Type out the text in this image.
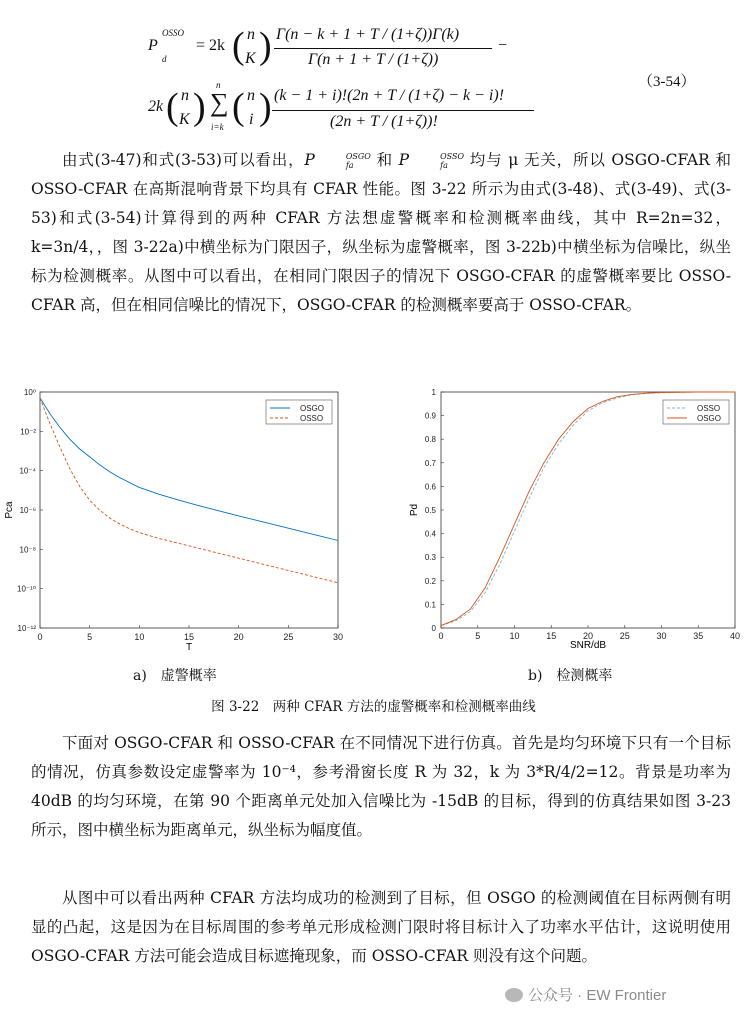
P
OSSO
d
= 2k ( n
K ) Γ(n − k + 1 + T / (1+ζ))Γ(k)
Γ(n + 1 + T / (1+ζ))
−
2k ( n
K )
n
∑
i=k ( n
i ) (k − 1 + i)!(2n + T / (1+ζ) − k − i)!
(2n + T / (1+ζ))!
（3-54）

由式(3-47)和式(3-53)可以看出，P	OSGO
fa	和 P	OSSO
fa	均与 μ 无关，所以 OSGO-CFAR 和 OSSO-CFAR 在高斯混响背景下均具有 CFAR 性能。图 3-22 所示为由式(3-48)、式(3-49)、式(3-53)和式(3-54)计算得到的两种 CFAR 方法想虚警概率和检测概率曲线，其中 R=2n=32，k=3n/4，，图 3-22a)中横坐标为门限因子，纵坐标为虚警概率，图 3-22b)中横坐标为信噪比，纵坐标为检测概率。从图中可以看出，在相同门限因子的情况下 OSGO-CFAR 的虚警概率要比 OSSO-CFAR 高，但在相同信噪比的情况下，OSGO-CFAR 的检测概率要高于 OSSO-CFAR。

0	5	10	15	20	25	30
10⁰
10⁻²
10⁻⁴
10⁻⁶
10⁻⁸
10⁻¹⁰
10⁻¹²
OSGO
OSSO
T
Pca
0	5	10	15	20	25	30	35	40
0
0.1
0.2
0.3
0.4
0.5
0.6
0.7
0.8
0.9
1
OSSO
OSGO
SNR/dB
Pd
a)　虚警概率	b)　检测概率
图 3-22　两种 CFAR 方法的虚警概率和检测概率曲线

下面对 OSGO-CFAR 和 OSSO-CFAR 在不同情况下进行仿真。首先是均匀环境下只有一个目标的情况，仿真参数设定虚警率为 10⁻⁴，参考滑窗长度 R 为 32，k 为 3*R/4/2=12。背景是功率为 40dB 的均匀环境，在第 90 个距离单元处加入信噪比为 -15dB 的目标，得到的仿真结果如图 3-23 所示，图中横坐标为距离单元，纵坐标为幅度值。

从图中可以看出两种 CFAR 方法均成功的检测到了目标，但 OSGO 的检测阈值在目标两侧有明显的凸起，这是因为在目标周围的参考单元形成检测门限时将目标计入了功率水平估计，这说明使用 OSGO-CFAR 方法可能会造成目标遮掩现象，而 OSSO-CFAR 则没有这个问题。

公众号 · EW Frontier
